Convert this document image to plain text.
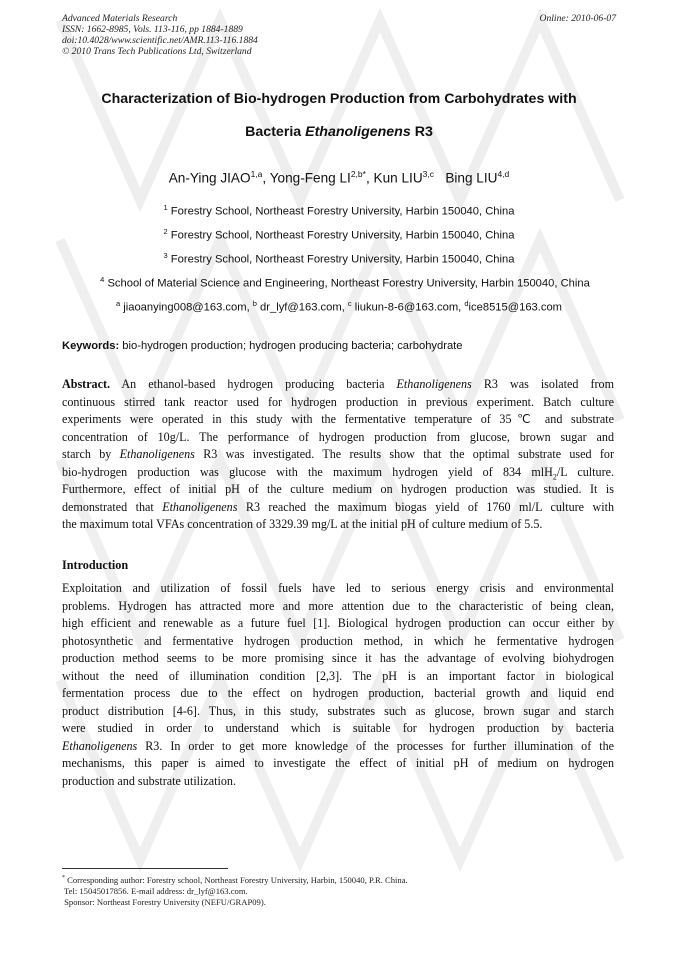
Advanced Materials Research
ISSN: 1662-8985, Vols. 113-116, pp 1884-1889
doi:10.4028/www.scientific.net/AMR.113-116.1884
© 2010 Trans Tech Publications Ltd, Switzerland
Online: 2010-06-07
Characterization of Bio-hydrogen Production from Carbohydrates with
Bacteria Ethanoligenens R3
An-Ying JIAO$^{1,a}$, Yong-Feng $LI^{2,b*}$, Kun LIU$^{3,c}$ Bing LIU$^{4,d}$
$^1$ Forestry School, Northeast Forestry University, Harbin 150040, China
$^2$ Forestry School, Northeast Forestry University, Harbin 150040, China
$^3$ Forestry School, Northeast Forestry University, Harbin 150040, China
$^4$ School of Material Science and Engineering, Northeast Forestry University, Harbin 150040, China
$^a$ jiaoanying008@163.com, $^b$ dr_lyf@163.com, $^c$ liukun-8-6@163.com, $^d$ice8515@163.com
Keywords: bio-hydrogen production; hydrogen producing bacteria; carbohydrate
Abstract. An ethanol-based hydrogen producing bacteria Ethanoligenens R3 was isolated from
continuous stirred tank reactor used for hydrogen production in previous experiment. Batch culture
experiments were operated in this study with the fermentative temperature of 35℃ and substrate
concentration of 10g/L. The performance of hydrogen production from glucose, brown sugar and
starch by Ethanoligenens R3 was investigated. The results show that the optimal substrate used for
bio-hydrogen production was glucose with the maximum hydrogen yield of 834 mlH$_2$/L culture.
Furthermore, effect of initial pH of the culture medium on hydrogen production was studied. It is
demonstrated that Ethanoligenens R3 reached the maximum biogas yield of 1760 ml/L culture with
the maximum total VFAs concentration of 3329.39 mg/L at the initial pH of culture medium of 5.5.
Introduction
Exploitation and utilization of fossil fuels have led to serious energy crisis and environmental
problems. Hydrogen has attracted more and more attention due to the characteristic of being clean,
high efficient and renewable as a future fuel [1]. Biological hydrogen production can occur either by
photosynthetic and fermentative hydrogen production method, in which he fermentative hydrogen
production method seems to be more promising since it has the advantage of evolving biohydrogen
without the need of illumination condition [2,3]. The pH is an important factor in biological
fermentation process due to the effect on hydrogen production, bacterial growth and liquid end
product distribution [4-6]. Thus, in this study, substrates such as glucose, brown sugar and starch
were studied in order to understand which is suitable for hydrogen production by bacteria
Ethanoligenens R3. In order to get more knowledge of the processes for further illumination of the
mechanisms, this paper is aimed to investigate the effect of initial pH of medium on hydrogen
production and substrate utilization.
* Corresponding author: Forestry school, Northeast Forestry University, Harbin, 150040, P.R. China.
Tel: 15045017856. E-mail address: dr_lyf@163.com.
Sponsor: Northeast Forestry University (NEFU/GRAP09).
